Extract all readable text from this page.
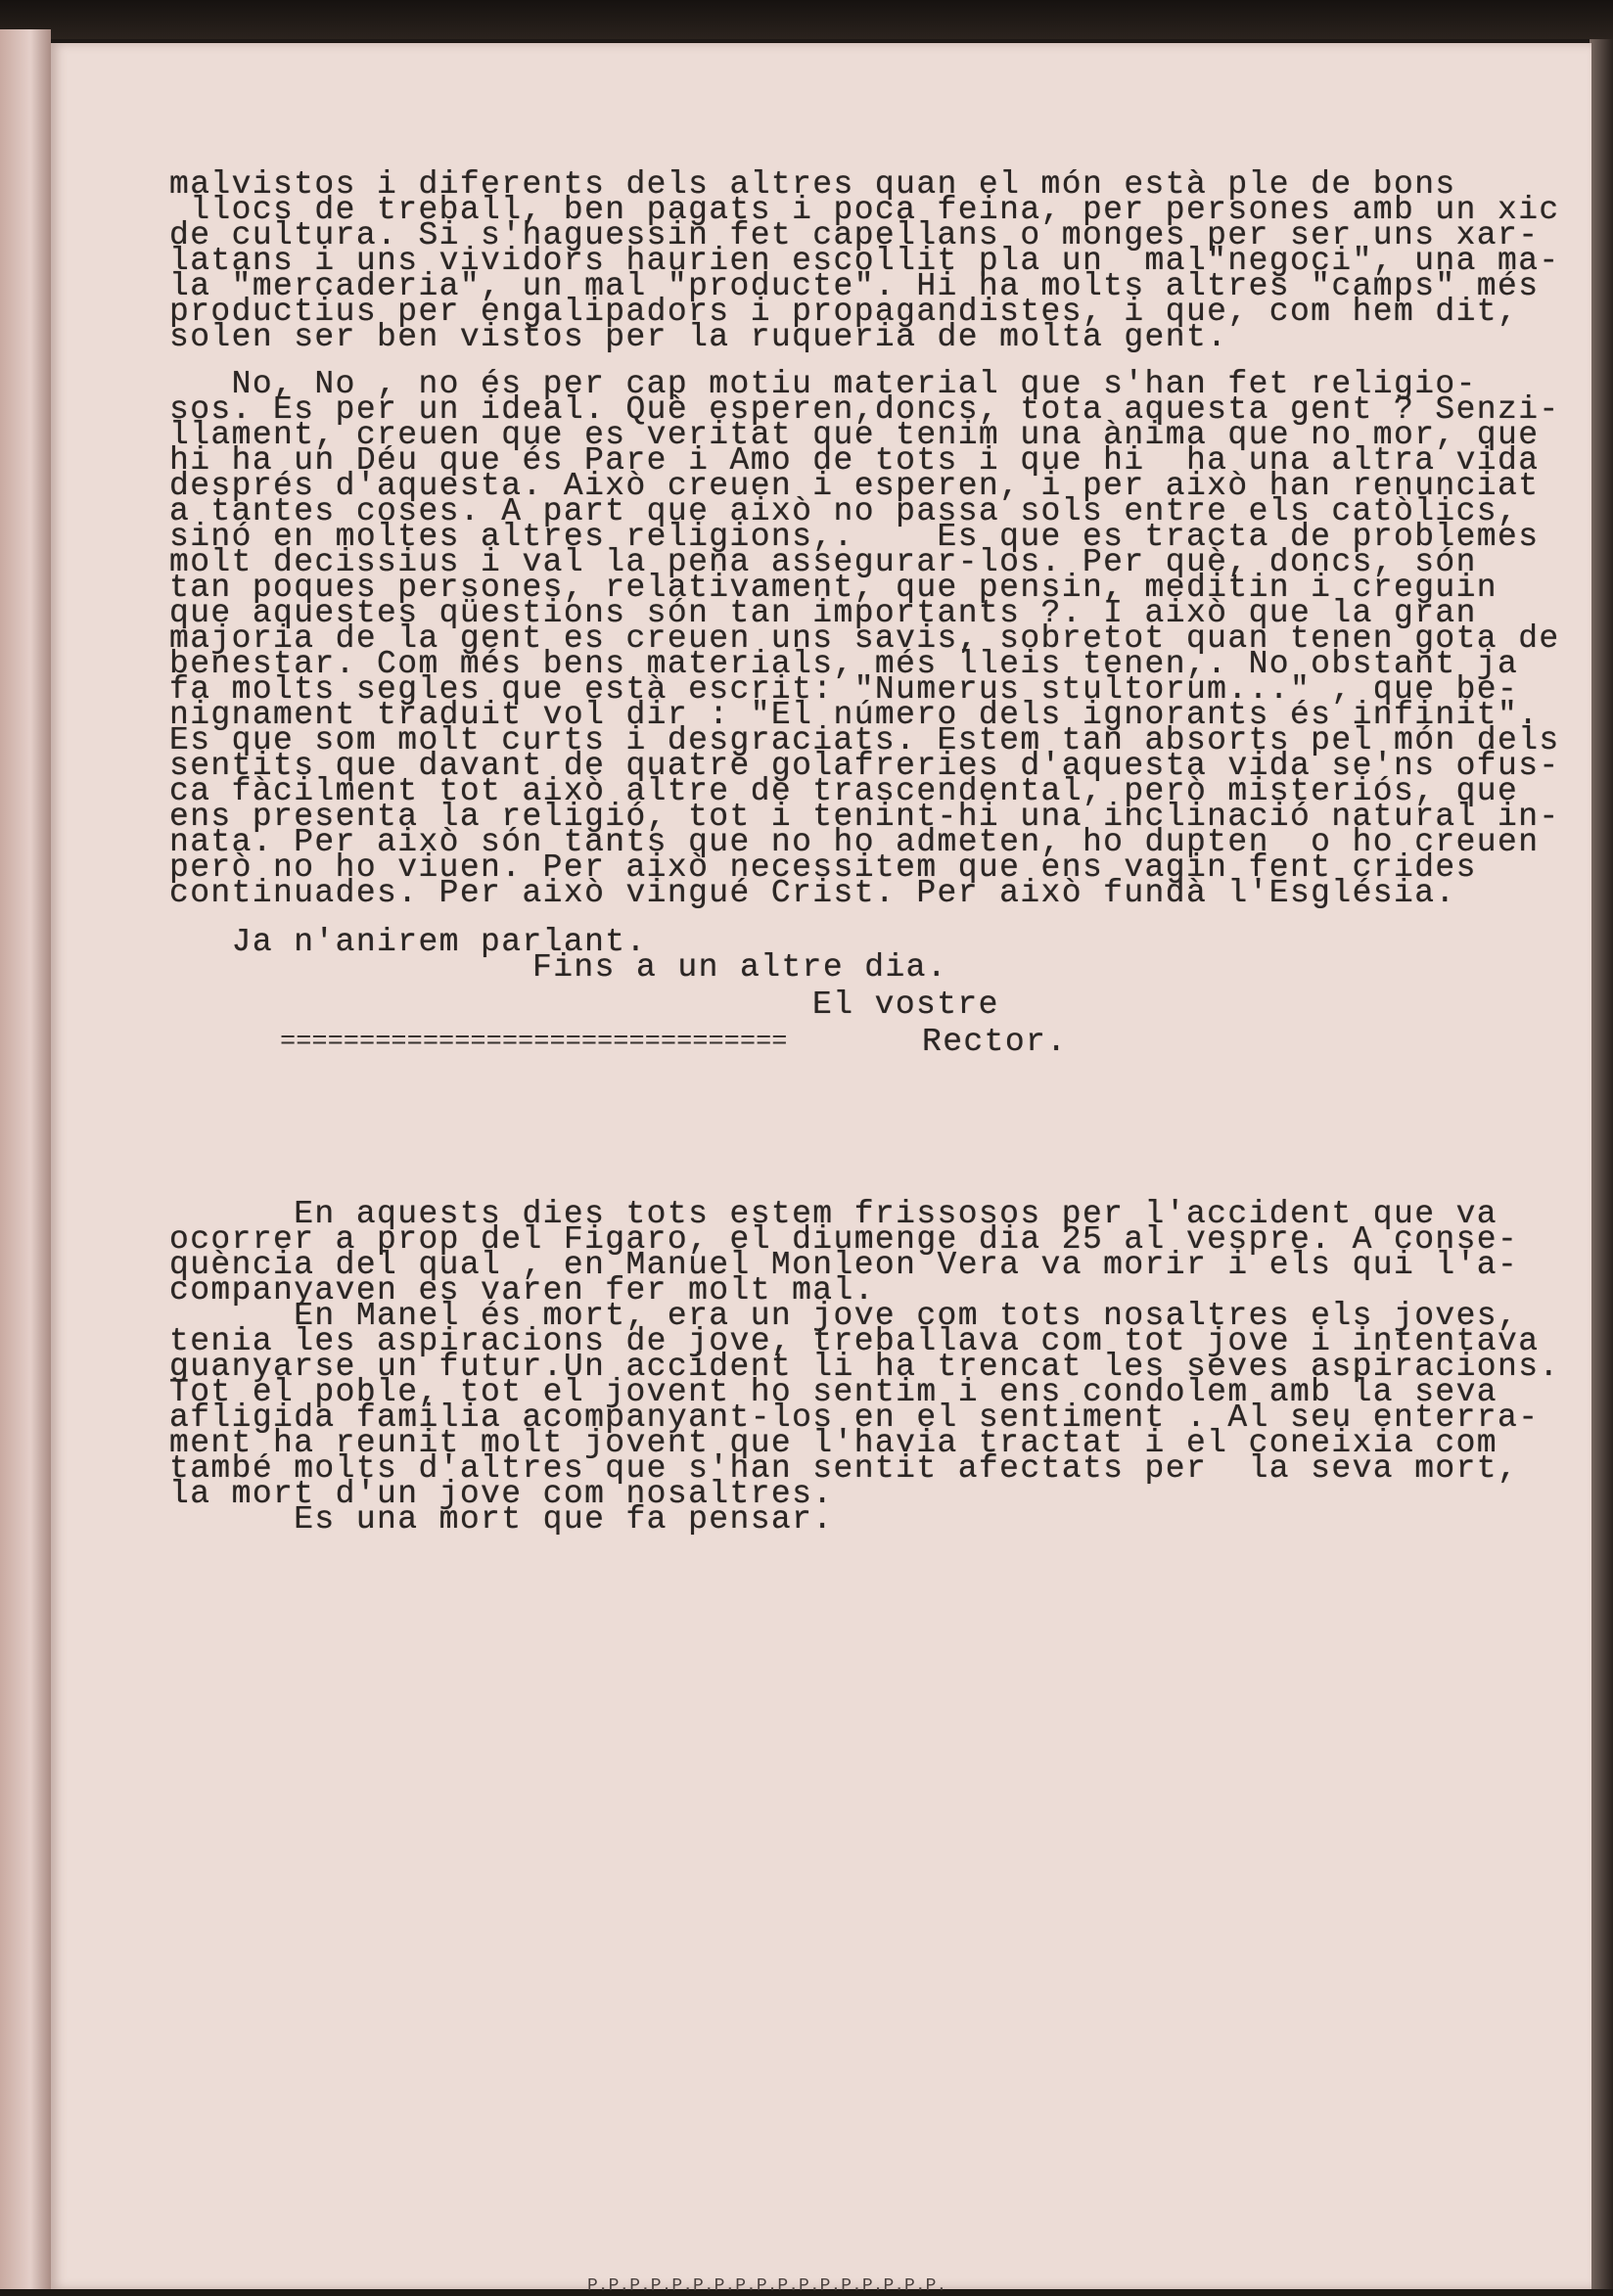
malvistos i diferents dels altres quan el món està ple de bons

llocs de treball, ben pagats i poca feina, per persones amb un xic

de cultura. Si s'haguessin fet capellans o monges per ser uns xar-

latans i uns vividors haurien escollit pla un  mal"negoci", una ma-

la "mercaderia", un mal "producte". Hi ha molts altres "camps" més

productius per engalipadors i propagandistes, i que, com hem dit,

solen ser ben vistos per la ruqueria de molta gent.

No, No , no és per cap motiu material que s'han fet religio-

sos. Es per un ideal. Què esperen,doncs, tota aquesta gent ? Senzi-

llament, creuen que es veritat que tenim una ànima que no mor, que

hi ha un Déu que és Pare i Amo de tots i que hi  ha una altra vida

després d'aquesta. Això creuen i esperen, i per això han renunciat

a tantes coses. A part que això no passa sols entre els catòlics,

sinó en moltes altres religions,.    Es que es tracta de problemes

molt decissius i val la pena assegurar-los. Per què, doncs, són

tan poques persones, relativament, que pensin, meditin i creguin

que aquestes qüestions són tan importants ?. I això que la gran

majoria de la gent es creuen uns savis, sobretot quan tenen gota de

benestar. Com més bens materials, més lleis tenen,. No obstant ja

fa molts segles que està escrit: "Numerus stultorum..." , que be-

nignament traduit vol dir : "El número dels ignorants és infinit".

Es que som molt curts i desgraciats. Estem tan absorts pel món dels

sentits que davant de quatre golafreries d'aquesta vida se'ns ofus-

ca fàcilment tot això altre de trascendental, però misteriós, que

ens presenta la religió, tot i tenint-hi una inclinació natural in-

nata. Per això són tants que no ho admeten, ho dupten  o ho creuen

però no ho viuen. Per això necessitem que ens vagin fent crides

continuades. Per això vingué Crist. Per això fundà l'Església.

Ja n'anirem parlant.

Fins a un altre dia.

El vostre

================================	Rector.

En aquests dies tots estem frissosos per l'accident que va

ocorrer a prop del Figaro, el diumenge dia 25 al vespre. A conse-

quència del qual , en Manuel Monleon Vera va morir i els qui l'a-

companyaven es varen fer molt mal.

En Manel és mort, era un jove com tots nosaltres els joves,

tenia les aspiracions de jove, treballava com tot jove i intentava

guanyarse un futur.Un accident li ha trencat les seves aspiracions.

Tot el poble, tot el jovent ho sentim i ens condolem amb la seva

afligida familia acompanyant-los en el sentiment . Al seu enterra-

ment ha reunit molt jovent que l'havia tractat i el coneixia com

també molts d'altres que s'han sentit afectats per  la seva mort,

la mort d'un jove com nosaltres.

Es una mort que fa pensar.

P.P.P.P.P.P.P.P.P.P.P.P.P.P.P.P.P.
